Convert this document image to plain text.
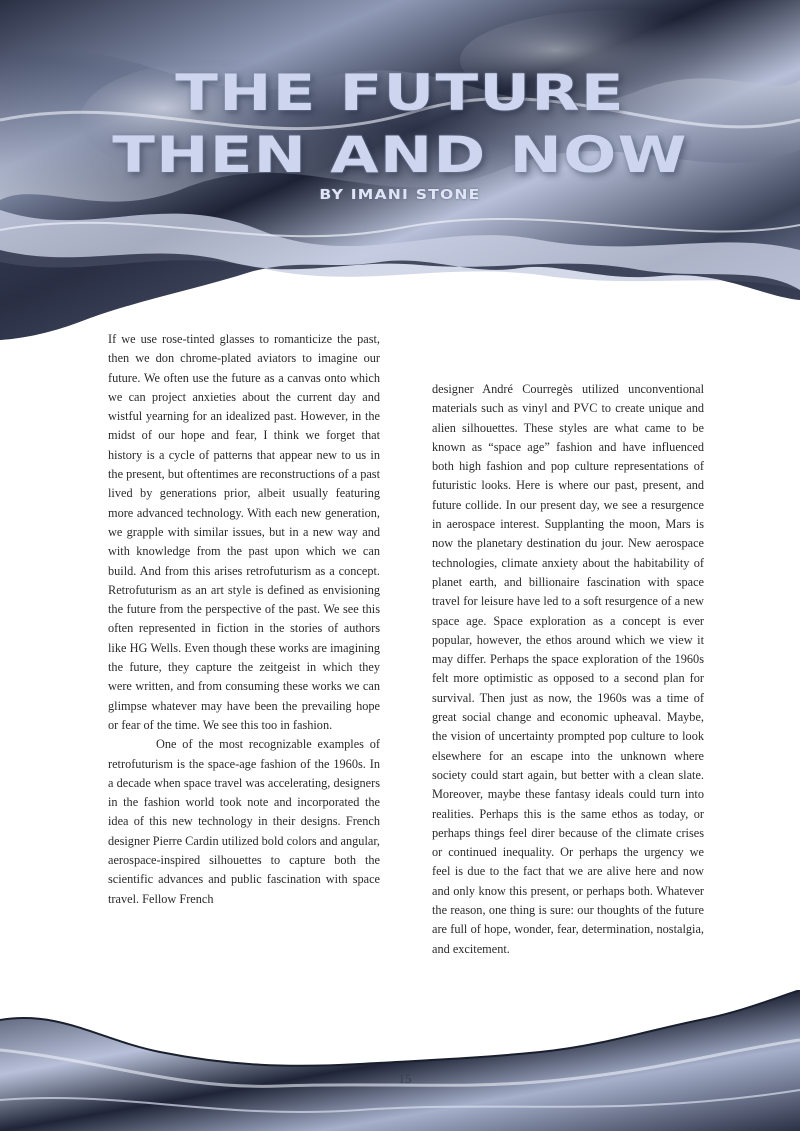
THE FUTURE
THEN AND NOW
BY IMANI STONE

If we use rose-tinted glasses to romanticize the past, then we don chrome-plated aviators to imagine our future. We often use the future as a canvas onto which we can project anxieties about the current day and wistful yearning for an idealized past. However, in the midst of our hope and fear, I think we forget that history is a cycle of patterns that appear new to us in the present, but oftentimes are reconstructions of a past lived by generations prior, albeit usually featuring more advanced technology. With each new generation, we grapple with similar issues, but in a new way and with knowledge from the past upon which we can build. And from this arises retrofuturism as a concept. Retrofuturism as an art style is defined as envisioning the future from the perspective of the past. We see this often represented in fiction in the stories of authors like HG Wells. Even though these works are imagining the future, they capture the zeitgeist in which they were written, and from consuming these works we can glimpse whatever may have been the prevailing hope or fear of the time. We see this too in fashion.

One of the most recognizable examples of retrofuturism is the space-age fashion of the 1960s. In a decade when space travel was accelerating, designers in the fashion world took note and incorporated the idea of this new technology in their designs. French designer Pierre Cardin utilized bold colors and angular, aerospace-inspired silhouettes to capture both the scientific advances and public fascination with space travel. Fellow French

designer André Courregès utilized unconventional materials such as vinyl and PVC to create unique and alien silhouettes. These styles are what came to be known as “space age” fashion and have influenced both high fashion and pop culture representations of futuristic looks. Here is where our past, present, and future collide. In our present day, we see a resurgence in aerospace interest. Supplanting the moon, Mars is now the planetary destination du jour. New aerospace technologies, climate anxiety about the habitability of planet earth, and billionaire fascination with space travel for leisure have led to a soft resurgence of a new space age. Space exploration as a concept is ever popular, however, the ethos around which we view it may differ. Perhaps the space exploration of the 1960s felt more optimistic as opposed to a second plan for survival. Then just as now, the 1960s was a time of great social change and economic upheaval. Maybe, the vision of uncertainty prompted pop culture to look elsewhere for an escape into the unknown where society could start again, but better with a clean slate. Moreover, maybe these fantasy ideals could turn into realities. Perhaps this is the same ethos as today, or perhaps things feel direr because of the climate crises or continued inequality. Or perhaps the urgency we feel is due to the fact that we are alive here and now and only know this present, or perhaps both. Whatever the reason, one thing is sure: our thoughts of the future are full of hope, wonder, fear, determination, nostalgia, and excitement.

15
